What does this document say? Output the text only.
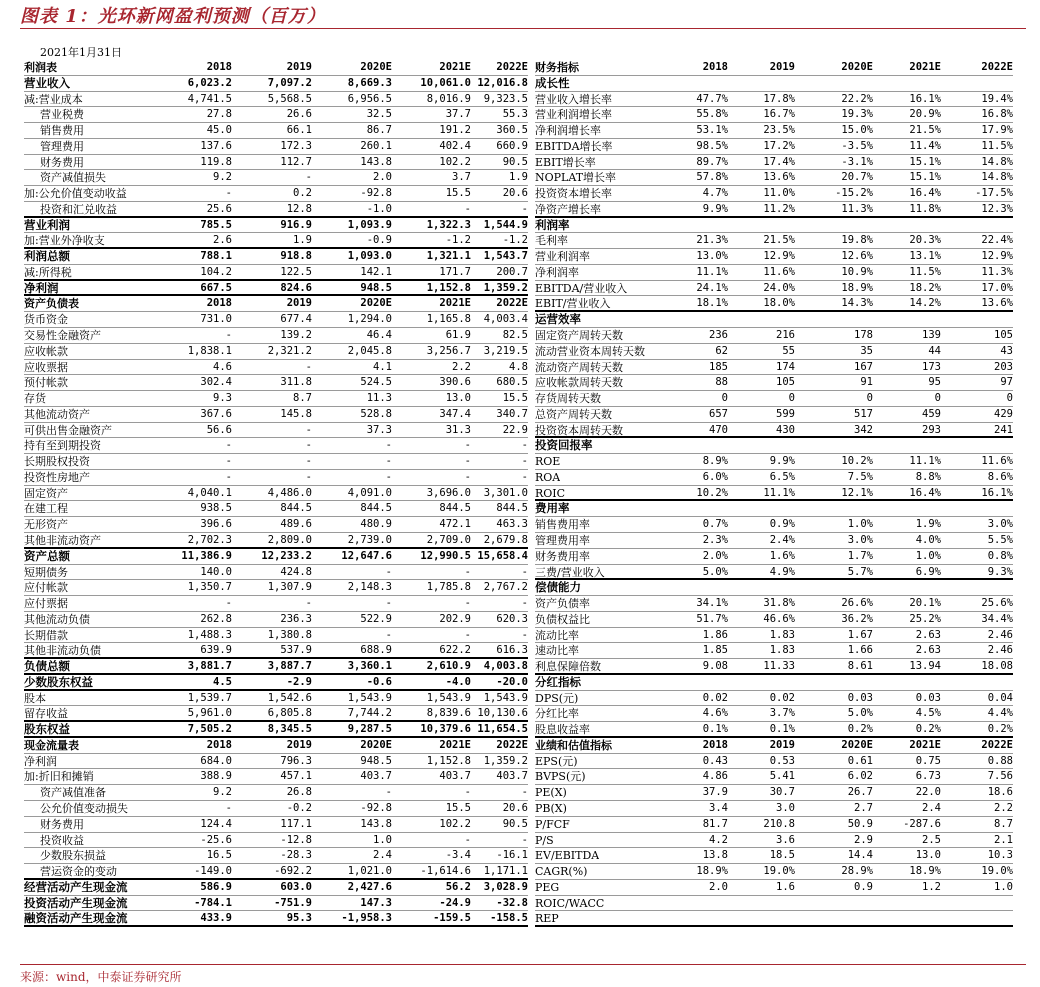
图表 1：光环新网盈利预测（百万）
2021年1月31日
利润表	2018	2019	2020E	2021E	2022E
营业收入	6,023.2	7,097.2	8,669.3	10,061.0 12,016.8
减:营业成本	4,741.5	5,568.5	6,956.5	8,016.9	9,323.5
营业税费	27.8	26.6	32.5	37.7	55.3
销售费用	45.0	66.1	86.7	191.2	360.5
管理费用	137.6	172.3	260.1	402.4	660.9
财务费用	119.8	112.7	143.8	102.2	90.5
资产减值损失	9.2	-	2.0	3.7	1.9
加:公允价值变动收益	-	0.2	-92.8	15.5	20.6
投资和汇兑收益	25.6	12.8	-1.0	-	-
营业利润	785.5	916.9	1,093.9	1,322.3	1,544.9
加:营业外净收支	2.6	1.9	-0.9	-1.2	-1.2
利润总额	788.1	918.8	1,093.0	1,321.1	1,543.7
减:所得税	104.2	122.5	142.1	171.7	200.7
净利润	667.5	824.6	948.5	1,152.8	1,359.2
资产负债表	2018	2019	2020E	2021E	2022E
货币资金	731.0	677.4	1,294.0	1,165.8	4,003.4
交易性金融资产	-	139.2	46.4	61.9	82.5
应收帐款	1,838.1	2,321.2	2,045.8	3,256.7	3,219.5
应收票据	4.6	-	4.1	2.2	4.8
预付帐款	302.4	311.8	524.5	390.6	680.5
存货	9.3	8.7	11.3	13.0	15.5
其他流动资产	367.6	145.8	528.8	347.4	340.7
可供出售金融资产	56.6	-	37.3	31.3	22.9
持有至到期投资	-	-	-	-	-
长期股权投资	-	-	-	-	-
投资性房地产	-	-	-	-	-
固定资产	4,040.1	4,486.0	4,091.0	3,696.0	3,301.0
在建工程	938.5	844.5	844.5	844.5	844.5
无形资产	396.6	489.6	480.9	472.1	463.3
其他非流动资产	2,702.3	2,809.0	2,739.0	2,709.0	2,679.8
资产总额	11,386.9	12,233.2	12,647.6	12,990.5 15,658.4
短期债务	140.0	424.8	-	-	-
应付帐款	1,350.7	1,307.9	2,148.3	1,785.8	2,767.2
应付票据	-	-	-	-	-
其他流动负债	262.8	236.3	522.9	202.9	620.3
长期借款	1,488.3	1,380.8	-	-	-
其他非流动负债	639.9	537.9	688.9	622.2	616.3
负债总额	3,881.7	3,887.7	3,360.1	2,610.9	4,003.8
少数股东权益	4.5	-2.9	-0.6	-4.0	-20.0
股本	1,539.7	1,542.6	1,543.9	1,543.9	1,543.9
留存收益	5,961.0	6,805.8	7,744.2	8,839.6 10,130.6
股东权益	7,505.2	8,345.5	9,287.5	10,379.6 11,654.5
现金流量表	2018	2019	2020E	2021E	2022E
净利润	684.0	796.3	948.5	1,152.8	1,359.2
加:折旧和摊销	388.9	457.1	403.7	403.7	403.7
资产减值准备	9.2	26.8	-	-	-
公允价值变动损失	-	-0.2	-92.8	15.5	20.6
财务费用	124.4	117.1	143.8	102.2	90.5
投资收益	-25.6	-12.8	1.0	-	-
少数股东损益	16.5	-28.3	2.4	-3.4	-16.1
营运资金的变动	-149.0	-692.2	1,021.0	-1,614.6	1,171.1
经营活动产生现金流	586.9	603.0	2,427.6	56.2	3,028.9
投资活动产生现金流	-784.1	-751.9	147.3	-24.9	-32.8
融资活动产生现金流	433.9	95.3	-1,958.3	-159.5	-158.5
财务指标	2018	2019	2020E	2021E	2022E
成长性
营业收入增长率	47.7%	17.8%	22.2%	16.1%	19.4%
营业利润增长率	55.8%	16.7%	19.3%	20.9%	16.8%
净利润增长率	53.1%	23.5%	15.0%	21.5%	17.9%
EBITDA增长率	98.5%	17.2%	-3.5%	11.4%	11.5%
EBIT增长率	89.7%	17.4%	-3.1%	15.1%	14.8%
NOPLAT增长率	57.8%	13.6%	20.7%	15.1%	14.8%
投资资本增长率	4.7%	11.0%	-15.2%	16.4%	-17.5%
净资产增长率	9.9%	11.2%	11.3%	11.8%	12.3%
利润率
毛利率	21.3%	21.5%	19.8%	20.3%	22.4%
营业利润率	13.0%	12.9%	12.6%	13.1%	12.9%
净利润率	11.1%	11.6%	10.9%	11.5%	11.3%
EBITDA/营业收入	24.1%	24.0%	18.9%	18.2%	17.0%
EBIT/营业收入	18.1%	18.0%	14.3%	14.2%	13.6%
运营效率
固定资产周转天数	236	216	178	139	105
流动营业资本周转天数	62	55	35	44	43
流动资产周转天数	185	174	167	173	203
应收帐款周转天数	88	105	91	95	97
存货周转天数	0	0	0	0	0
总资产周转天数	657	599	517	459	429
投资资本周转天数	470	430	342	293	241
投资回报率
ROE	8.9%	9.9%	10.2%	11.1%	11.6%
ROA	6.0%	6.5%	7.5%	8.8%	8.6%
ROIC	10.2%	11.1%	12.1%	16.4%	16.1%
费用率
销售费用率	0.7%	0.9%	1.0%	1.9%	3.0%
管理费用率	2.3%	2.4%	3.0%	4.0%	5.5%
财务费用率	2.0%	1.6%	1.7%	1.0%	0.8%
三费/营业收入	5.0%	4.9%	5.7%	6.9%	9.3%
偿债能力
资产负债率	34.1%	31.8%	26.6%	20.1%	25.6%
负债权益比	51.7%	46.6%	36.2%	25.2%	34.4%
流动比率	1.86	1.83	1.67	2.63	2.46
速动比率	1.85	1.83	1.66	2.63	2.46
利息保障倍数	9.08	11.33	8.61	13.94	18.08
分红指标
DPS(元)	0.02	0.02	0.03	0.03	0.04
分红比率	4.6%	3.7%	5.0%	4.5%	4.4%
股息收益率	0.1%	0.1%	0.2%	0.2%	0.2%
业绩和估值指标	2018	2019	2020E	2021E	2022E
EPS(元)	0.43	0.53	0.61	0.75	0.88
BVPS(元)	4.86	5.41	6.02	6.73	7.56
PE(X)	37.9	30.7	26.7	22.0	18.6
PB(X)	3.4	3.0	2.7	2.4	2.2
P/FCF	81.7	210.8	50.9	-287.6	8.7
P/S	4.2	3.6	2.9	2.5	2.1
EV/EBITDA	13.8	18.5	14.4	13.0	10.3
CAGR(%)	18.9%	19.0%	28.9%	18.9%	19.0%
PEG	2.0	1.6	0.9	1.2	1.0
ROIC/WACC
REP
来源：wind，中泰证券研究所
